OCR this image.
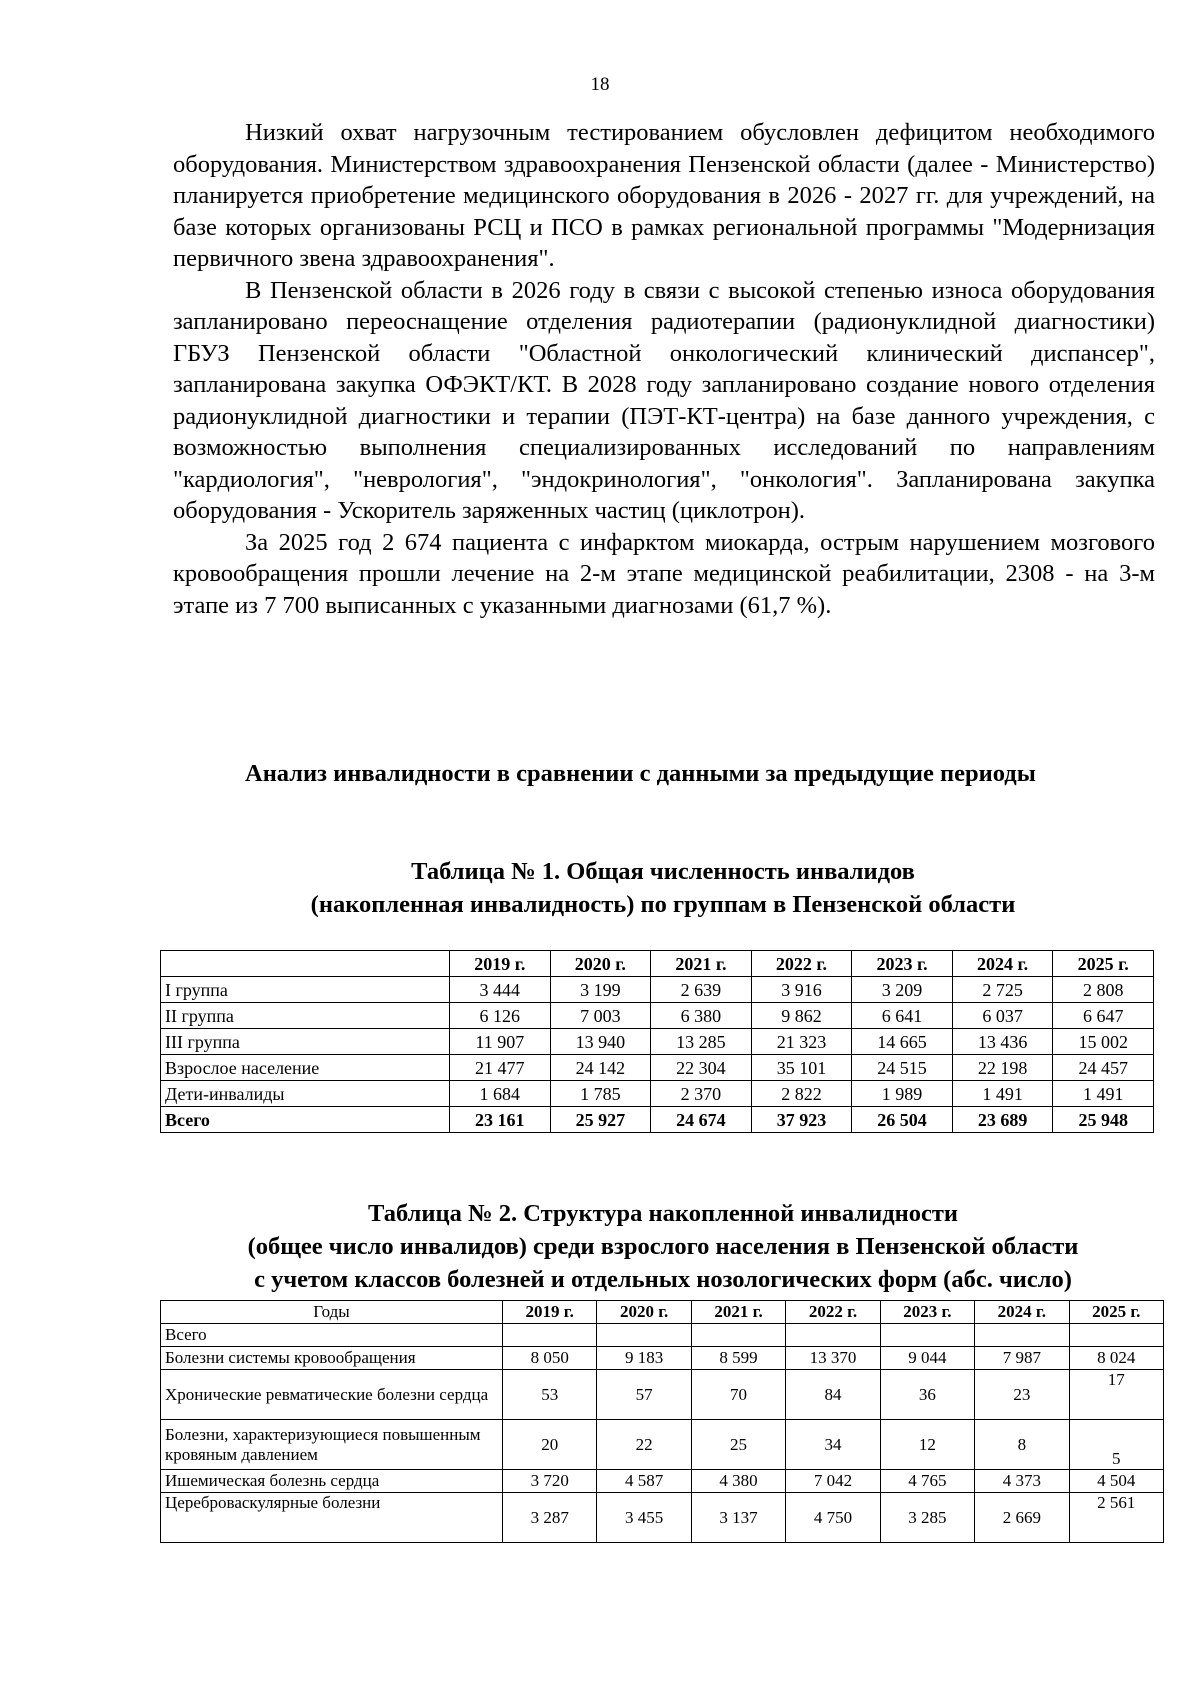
18

Низкий охват нагрузочным тестированием обусловлен дефицитом необходимого оборудования. Министерством здравоохранения Пензенской области (далее - Министерство) планируется приобретение медицинского оборудования в 2026 - 2027 гг. для учреждений, на базе которых организованы РСЦ и ПСО в рамках региональной программы "Модернизация первичного звена здравоохранения".

В Пензенской области в 2026 году в связи с высокой степенью износа оборудования запланировано переоснащение отделения радиотерапии (радионуклидной диагностики) ГБУЗ Пензенской области "Областной онкологический клинический диспансер", запланирована закупка ОФЭКТ/КТ. В 2028 году запланировано создание нового отделения радионуклидной диагностики и терапии (ПЭТ-КТ-центра) на базе данного учреждения, с возможностью выполнения специализированных исследований по направлениям "кардиология", "неврология", "эндокринология", "онкология". Запланирована закупка оборудования - Ускоритель заряженных частиц (циклотрон).

За 2025 год 2 674 пациента с инфарктом миокарда, острым нарушением мозгового кровообращения прошли лечение на 2-м этапе медицинской реабилитации, 2308 - на 3-м этапе из 7 700 выписанных с указанными диагнозами (61,7 %).

Анализ инвалидности в сравнении с данными за предыдущие периоды

Таблица № 1. Общая численность инвалидов
(накопленная инвалидность) по группам в Пензенской области
	2019 г.	2020 г.	2021 г.	2022 г.	2023 г.	2024 г.	2025 г.
I группа	3 444	3 199	2 639	3 916	3 209	2 725	2 808
II группа	6 126	7 003	6 380	9 862	6 641	6 037	6 647
III группа	11 907	13 940	13 285	21 323	14 665	13 436	15 002
Взрослое население	21 477	24 142	22 304	35 101	24 515	22 198	24 457
Дети-инвалиды	1 684	1 785	2 370	2 822	1 989	1 491	1 491
Всего	23 161	25 927	24 674	37 923	26 504	23 689	25 948
Таблица № 2. Структура накопленной инвалидности
(общее число инвалидов) среди взрослого населения в Пензенской области
с учетом классов болезней и отдельных нозологических форм (абс. число)
Годы	2019 г.	2020 г.	2021 г.	2022 г.	2023 г.	2024 г.	2025 г.
Всего							
Болезни системы кровообращения	8 050	9 183	8 599	13 370	9 044	7 987	8 024
Хронические ревматические болезни сердца	53	57	70	84	36	23	17
Болезни, характеризующиеся повышенным кровяным давлением	20	22	25	34	12	8	5
Ишемическая болезнь сердца	3 720	4 587	4 380	7 042	4 765	4 373	4 504
Цереброваскулярные болезни	3 287	3 455	3 137	4 750	3 285	2 669	2 561
